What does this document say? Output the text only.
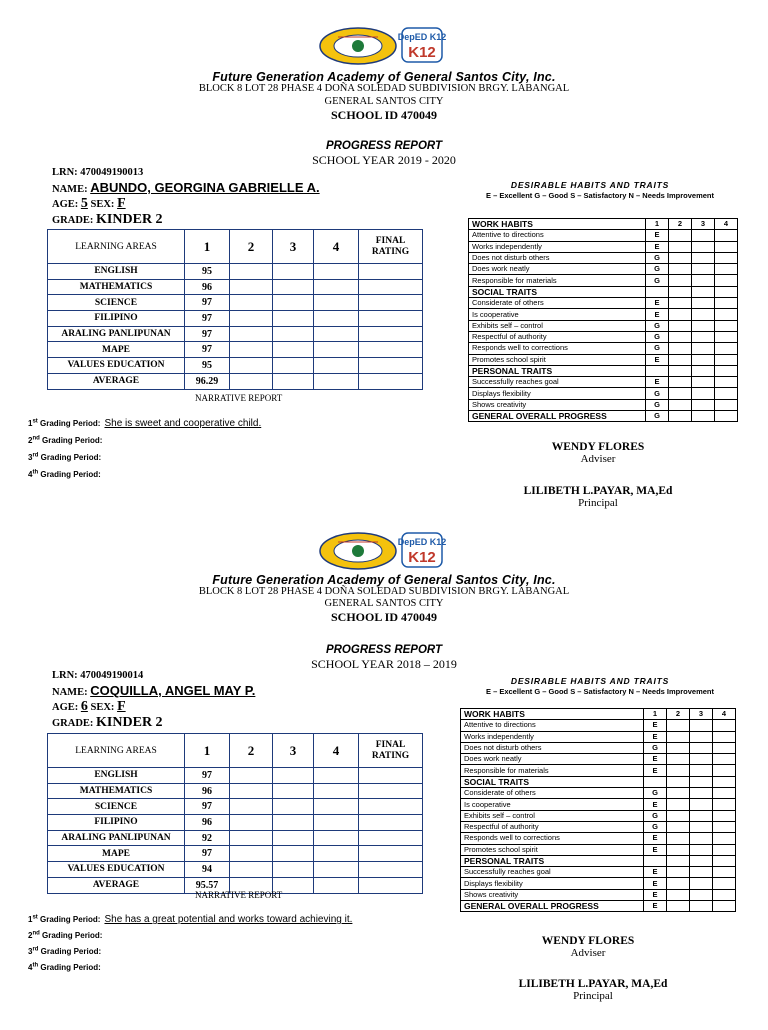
DepED K12
K12
Future Generation Academy of General Santos City, Inc.
BLOCK 8 LOT 28 PHASE 4 DOÑA SOLEDAD SUBDIVISION BRGY. LABANGAL
GENERAL SANTOS CITY
SCHOOL ID 470049
PROGRESS REPORT
SCHOOL YEAR 2019 - 2020
LRN: 470049190013
NAME: ABUNDO, GEORGINA GABRIELLE A.
AGE: 5 SEX: F
GRADE: KINDER 2
LEARNING AREAS	1	2	3	4	FINAL RATING
ENGLISH	95				
MATHEMATICS	96				
SCIENCE	97				
FILIPINO	97				
ARALING PANLIPUNAN	97				
MAPE	97				
VALUES EDUCATION	95				
AVERAGE	96.29				
NARRATIVE REPORT
1st Grading Period: She is sweet and cooperative child.
2nd Grading Period:
3rd Grading Period:
4th Grading Period:
DESIRABLE HABITS AND TRAITS
E – Excellent G – Good S – Satisfactory N – Needs Improvement
WORK HABITS	1	2	3	4
Attentive to directions	E			
Works independently	E			
Does not disturb others	G			
Does work neatly	G			
Responsible for materials	G			
SOCIAL TRAITS				
Considerate of others	E			
Is cooperative	E			
Exhibits self – control	G			
Respectful of authority	G			
Responds well to corrections	G			
Promotes school spirit	E			
PERSONAL TRAITS				
Successfully reaches goal	E			
Displays flexibility	G			
Shows creativity	G			
GENERAL OVERALL PROGRESS	G			
WENDY FLORES
Adviser
LILIBETH L.PAYAR, MA,Ed
Principal
DepED K12
K12
Future Generation Academy of General Santos City, Inc.
BLOCK 8 LOT 28 PHASE 4 DOÑA SOLEDAD SUBDIVISION BRGY. LABANGAL
GENERAL SANTOS CITY
SCHOOL ID 470049
PROGRESS REPORT
SCHOOL YEAR 2018 – 2019
LRN: 470049190014
NAME: COQUILLA, ANGEL MAY P.
AGE: 6 SEX: F
GRADE: KINDER 2
LEARNING AREAS	1	2	3	4	FINAL RATING
ENGLISH	97				
MATHEMATICS	96				
SCIENCE	97				
FILIPINO	96				
ARALING PANLIPUNAN	92				
MAPE	97				
VALUES EDUCATION	94				
AVERAGE	95.57				
NARRATIVE REPORT
1st Grading Period: She has a great potential and works toward achieving it.
2nd Grading Period:
3rd Grading Period:
4th Grading Period:
DESIRABLE HABITS AND TRAITS
E – Excellent G – Good S – Satisfactory N – Needs Improvement
WORK HABITS	1	2	3	4
Attentive to directions	E			
Works independently	E			
Does not disturb others	G			
Does work neatly	E			
Responsible for materials	E			
SOCIAL TRAITS				
Considerate of others	G			
Is cooperative	E			
Exhibits self – control	G			
Respectful of authority	G			
Responds well to corrections	E			
Promotes school spirit	E			
PERSONAL TRAITS				
Successfully reaches goal	E			
Displays flexibility	E			
Shows creativity	E			
GENERAL OVERALL PROGRESS	E			
WENDY FLORES
Adviser
LILIBETH L.PAYAR, MA,Ed
Principal
